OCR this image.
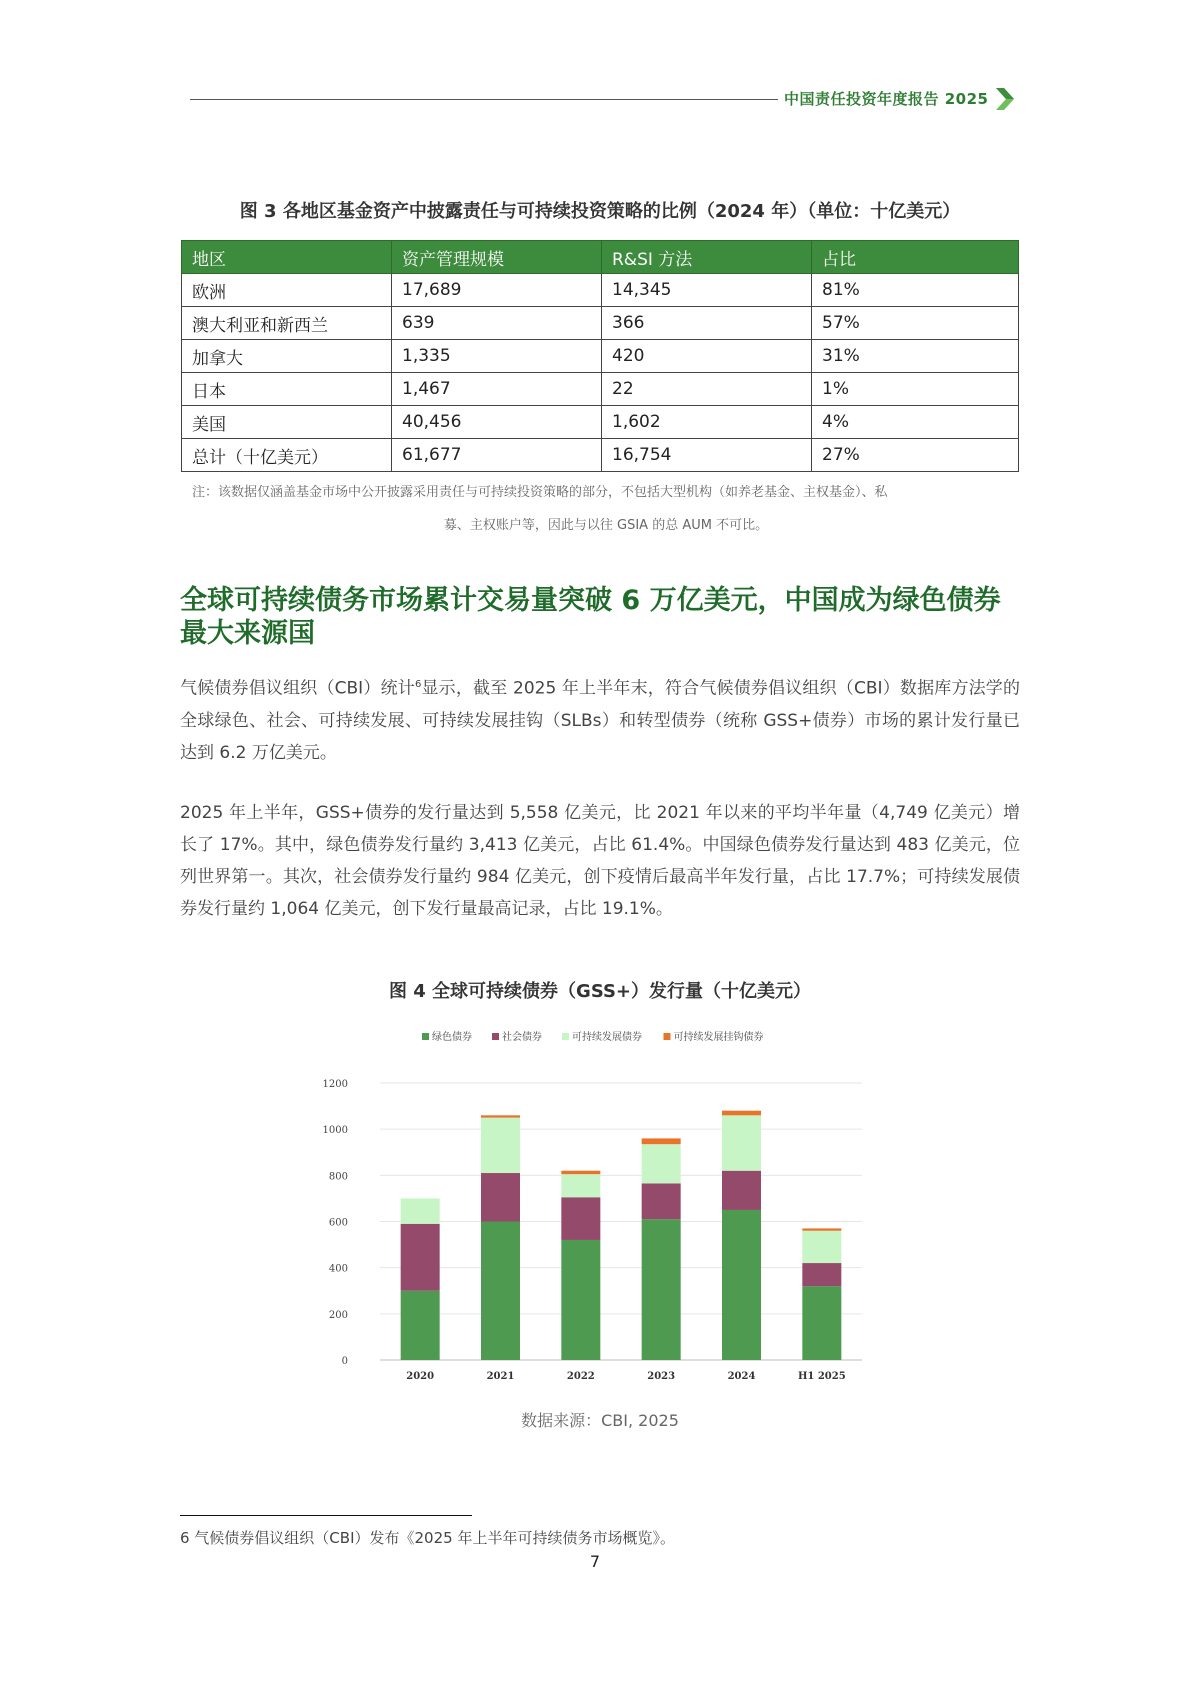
中国责任投资年度报告 2025
图 3 各地区基金资产中披露责任与可持续投资策略的比例（2024 年）（单位：十亿美元）
地区	资产管理规模	R&SI 方法	占比
欧洲	17,689	14,345	81%
澳大利亚和新西兰	639	366	57%
加拿大	1,335	420	31%
日本	1,467	22	1%
美国	40,456	1,602	4%
总计（十亿美元）	61,677	16,754	27%
注：该数据仅涵盖基金市场中公开披露采用责任与可持续投资策略的部分，不包括大型机构（如养老基金、主权基金）、私
募、主权账户等，因此与以往 GSIA 的总 AUM 不可比。
全球可持续债务市场累计交易量突破 6 万亿美元，中国成为绿色债券
最大来源国
气候债券倡议组织（CBI）统计$^6$显示，截至 2025 年上半年末，符合气候债券倡议组织（CBI）数据库方法学的全球绿色、社会、可持续发展、可持续发展挂钩（SLBs）和转型债券（统称 GSS+债券）市场的累计发行量已达到 6.2 万亿美元。
2025 年上半年，GSS+债券的发行量达到 5,558 亿美元，比 2021 年以来的平均半年量（4,749 亿美元）增长了 17%。其中，绿色债券发行量约 3,413 亿美元，占比 61.4%。中国绿色债券发行量达到 483 亿美元，位列世界第一。其次，社会债券发行量约 984 亿美元，创下疫情后最高半年发行量，占比 17.7%；可持续发展债券发行量约 1,064 亿美元，创下发行量最高记录，占比 19.1%。
图 4 全球可持续债券（GSS+）发行量（十亿美元）
0
200
400
600
800
1000
1200
2020	2021	2022	2023	2024	H1 2025
绿色债券	社会债券	可持续发展债券	可持续发展挂钩债券
数据来源：CBI, 2025
6 气候债券倡议组织（CBI）发布《2025 年上半年可持续债务市场概览》。
7
